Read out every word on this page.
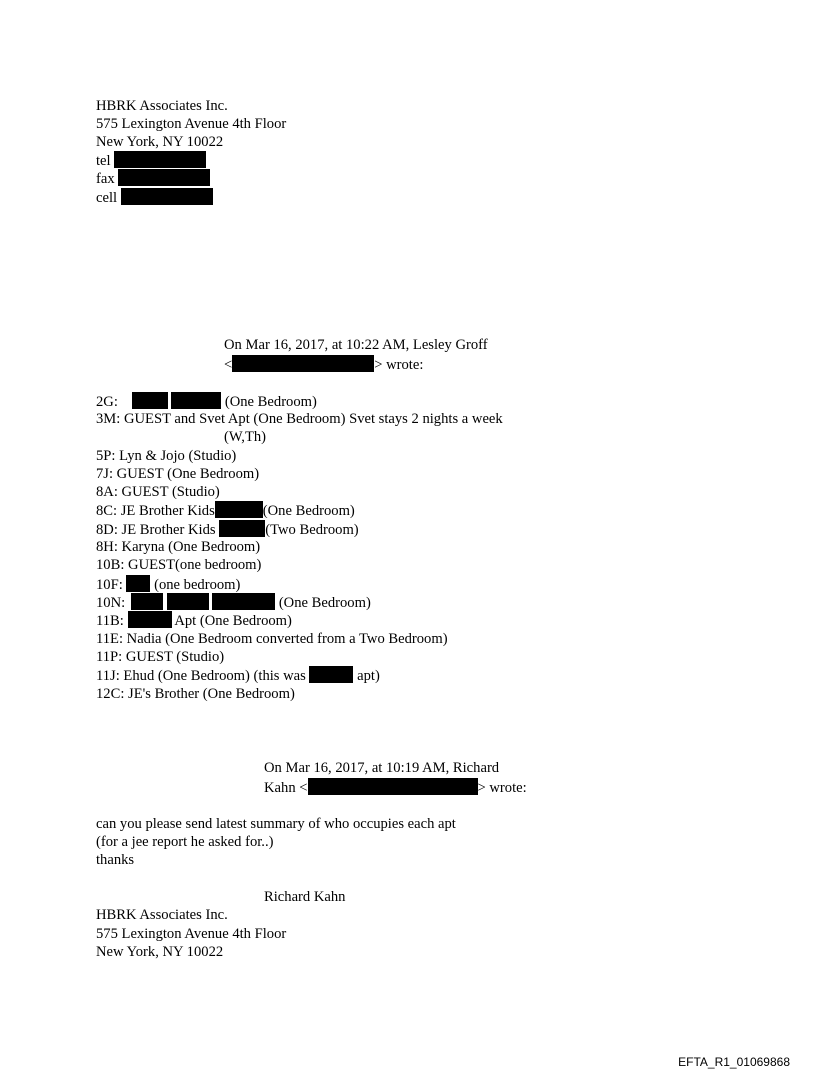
HBRK Associates Inc.
575 Lexington Avenue 4th Floor
New York, NY 10022
tel
fax
cell
On Mar 16, 2017, at 10:22 AM, Lesley Groff
<	> wrote:
2G:	(One Bedroom)
3M: GUEST and Svet Apt (One Bedroom) Svet stays 2 nights a week
(W,Th)
5P: Lyn & Jojo (Studio)
7J: GUEST (One Bedroom)
8A: GUEST (Studio)
8C: JE Brother Kids	(One Bedroom)
8D: JE Brother Kids	(Two Bedroom)
8H: Karyna (One Bedroom)
10B: GUEST(one bedroom)
10F: (one bedroom)
10N:	(One Bedroom)
11B:	Apt (One Bedroom)
11E: Nadia (One Bedroom converted from a Two Bedroom)
11P: GUEST (Studio)
11J: Ehud (One Bedroom) (this was	apt)
12C: JE's Brother (One Bedroom)
On Mar 16, 2017, at 10:19 AM, Richard
Kahn <	> wrote:
can you please send latest summary of who occupies each apt
(for a jee report he asked for..)
thanks
Richard Kahn
HBRK Associates Inc.
575 Lexington Avenue 4th Floor
New York, NY 10022
EFTA_R1_01069868
